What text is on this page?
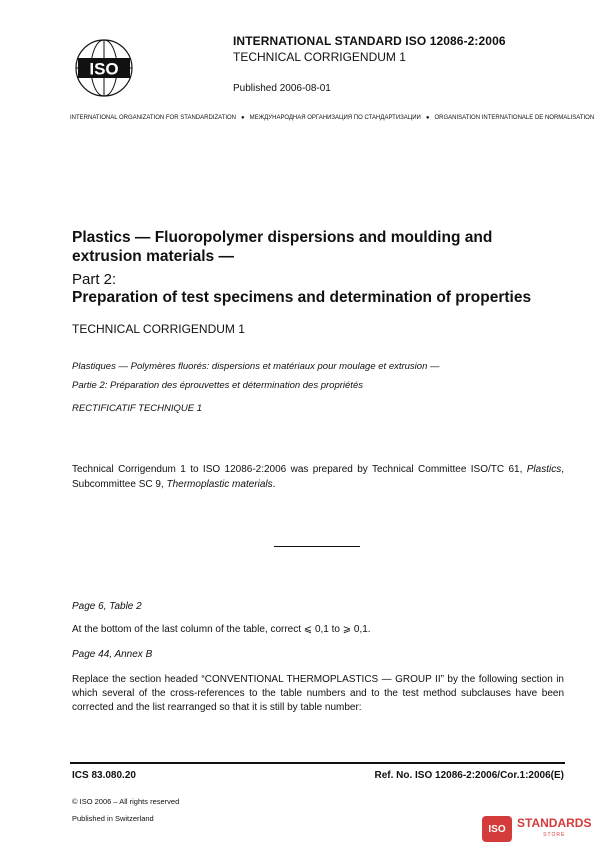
ISO
INTERNATIONAL STANDARD ISO 12086-2:2006
TECHNICAL CORRIGENDUM 1
Published 2006-08-01
INTERNATIONAL ORGANIZATION FOR STANDARDIZATION ● МЕЖДУНАРОДНАЯ ОРГАНИЗАЦИЯ ПО СТАНДАРТИЗАЦИИ ● ORGANISATION INTERNATIONALE DE NORMALISATION
Plastics — Fluoropolymer dispersions and moulding and extrusion materials —
Part 2:
Preparation of test specimens and determination of properties
TECHNICAL CORRIGENDUM 1
Plastiques — Polymères fluorés: dispersions et matériaux pour moulage et extrusion —
Partie 2: Préparation des éprouvettes et détermination des propriétés
RECTIFICATIF TECHNIQUE 1
Technical Corrigendum 1 to ISO 12086-2:2006 was prepared by Technical Committee ISO/TC 61, Plastics, Subcommittee SC 9, Thermoplastic materials.
Page 6, Table 2
At the bottom of the last column of the table, correct ⩽ 0,1 to ⩾ 0,1.
Page 44, Annex B
Replace the section headed “CONVENTIONAL THERMOPLASTICS — GROUP II” by the following section in which several of the cross-references to the table numbers and to the test method subclauses have been corrected and the list rearranged so that it is still by table number:
ICS 83.080.20	Ref. No. ISO 12086-2:2006/Cor.1:2006(E)
© ISO 2006 – All rights reserved
Published in Switzerland
ISO STANDARDS
STORE
